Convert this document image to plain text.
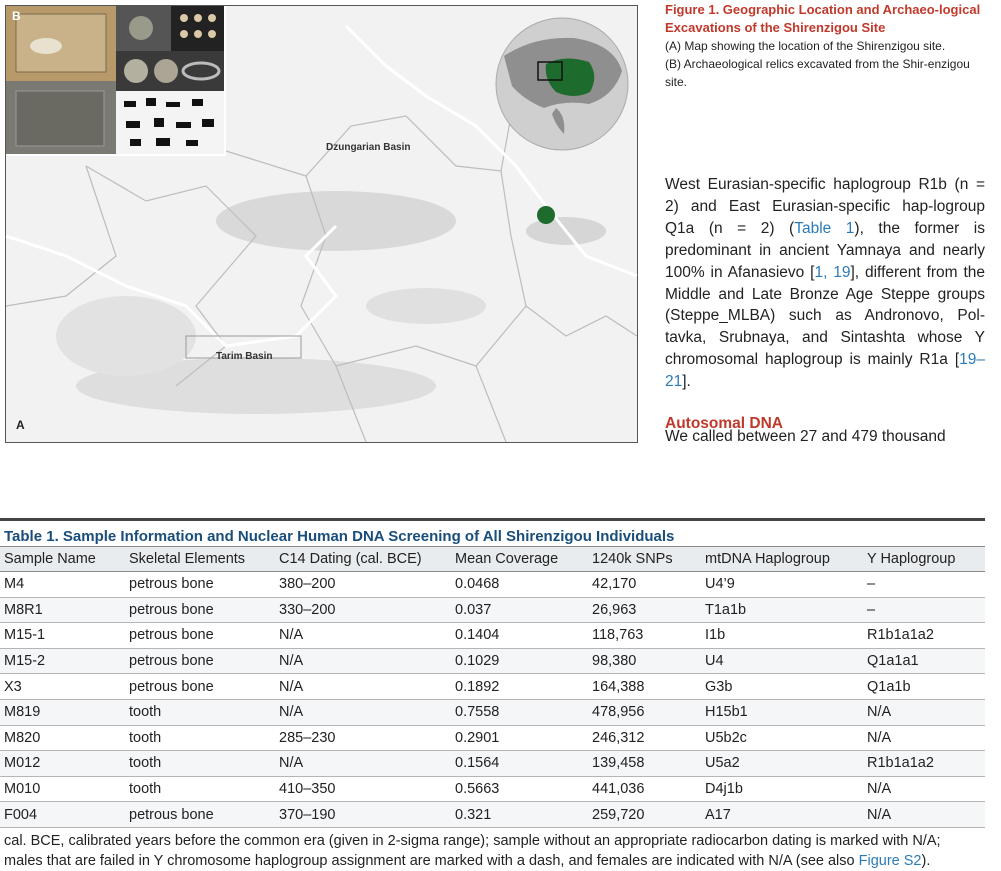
B
Dzungarian Basin
Tarim Basin
A
Figure 1. Geographic Location and Archaeo-logical Excavations of the Shirenzigou Site
(A) Map showing the location of the Shirenzigou site.
(B) Archaeological relics excavated from the Shir-enzigou site.
West Eurasian-specific haplogroup R1b (n = 2) and East Eurasian-specific hap-logroup Q1a (n = 2) (Table 1), the former is predominant in ancient Yamnaya and nearly 100% in Afanasievo [1, 19], different from the Middle and Late Bronze Age Steppe groups (Steppe_MLBA) such as Andronovo, Pol-tavka, Srubnaya, and Sintashta whose Y chromosomal haplogroup is mainly R1a [19–21].
Autosomal DNA
We called between 27 and 479 thousand
Table 1. Sample Information and Nuclear Human DNA Screening of All Shirenzigou Individuals
Sample Name	Skeletal Elements	C14 Dating (cal. BCE)	Mean Coverage	1240k SNPs	mtDNA Haplogroup	Y Haplogroup
M4	petrous bone	380–200	0.0468	42,170	U4’9	–
M8R1	petrous bone	330–200	0.037	26,963	T1a1b	–
M15-1	petrous bone	N/A	0.1404	118,763	I1b	R1b1a1a2
M15-2	petrous bone	N/A	0.1029	98,380	U4	Q1a1a1
X3	petrous bone	N/A	0.1892	164,388	G3b	Q1a1b
M819	tooth	N/A	0.7558	478,956	H15b1	N/A
M820	tooth	285–230	0.2901	246,312	U5b2c	N/A
M012	tooth	N/A	0.1564	139,458	U5a2	R1b1a1a2
M010	tooth	410–350	0.5663	441,036	D4j1b	N/A
F004	petrous bone	370–190	0.321	259,720	A17	N/A
cal. BCE, calibrated years before the common era (given in 2-sigma range); sample without an appropriate radiocarbon dating is marked with N/A;
males that are failed in Y chromosome haplogroup assignment are marked with a dash, and females are indicated with N/A (see also Figure S2).
